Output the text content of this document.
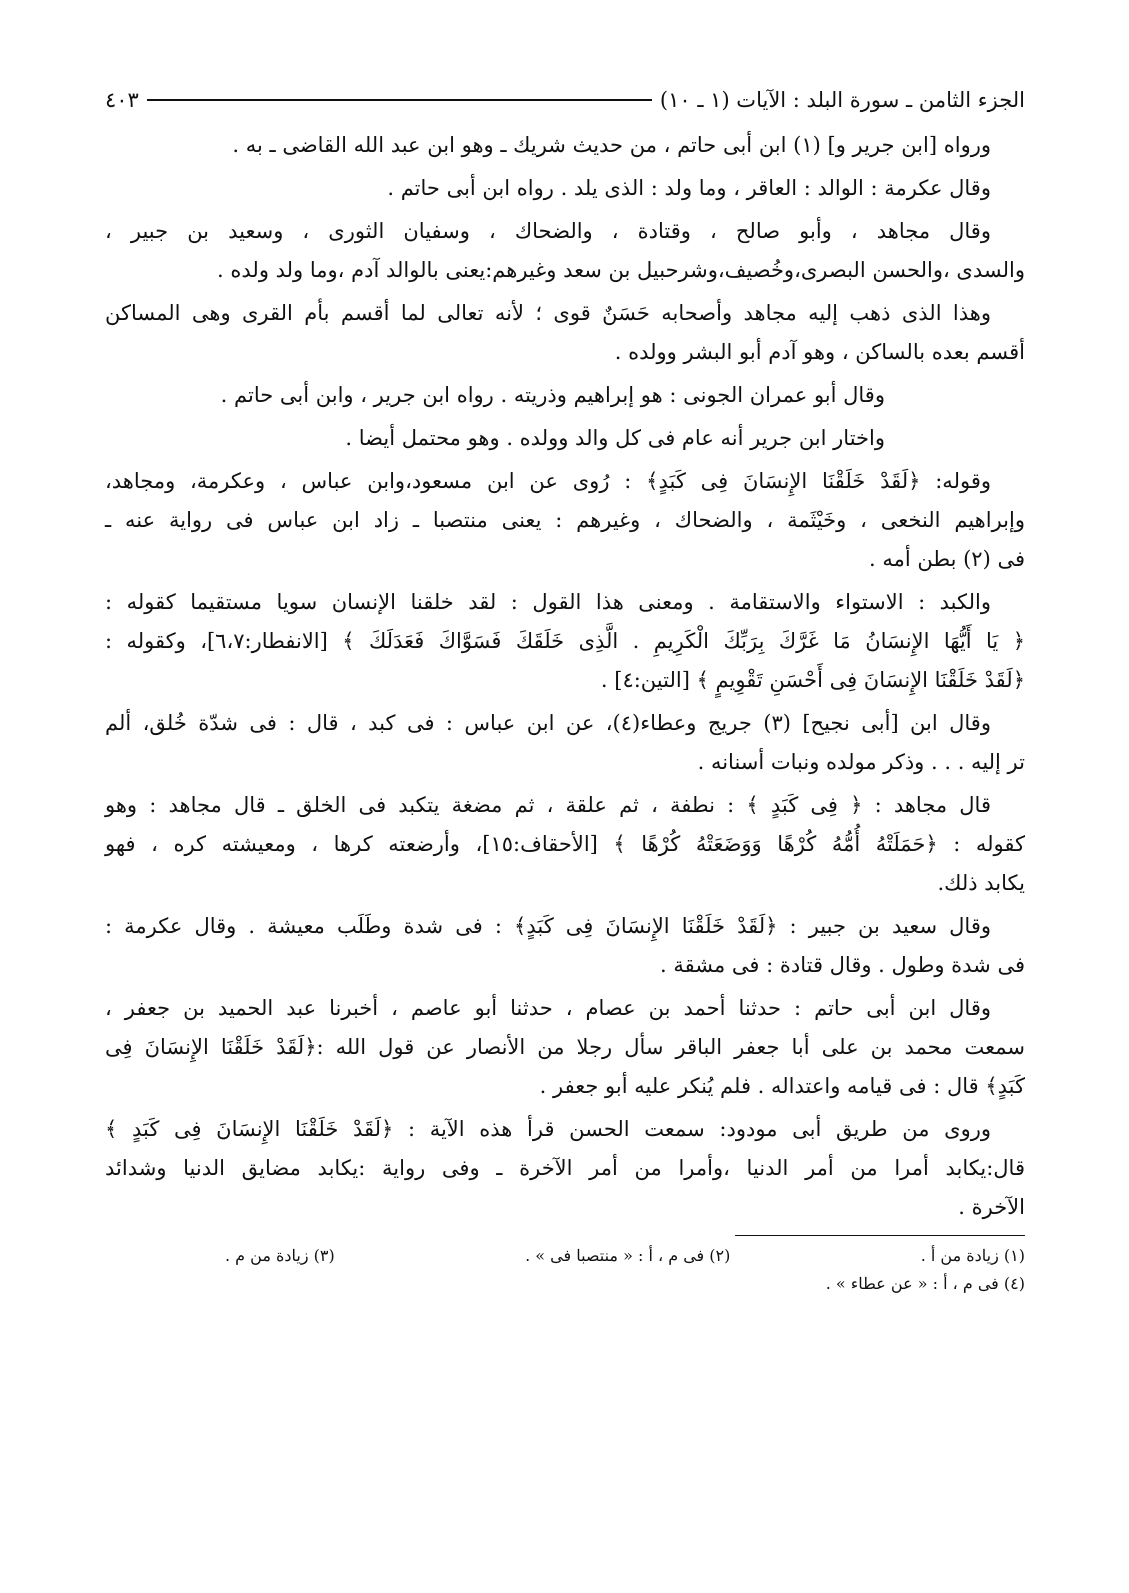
الجزء الثامن ـ سورة البلد : الآيات (١ ـ ١٠)
٤٠٣
ورواه [ابن جرير و] (١) ابن أبى حاتم ، من حديث شريك ـ وهو ابن عبد الله القاضى ـ به .
وقال عكرمة : الوالد : العاقر ، وما ولد : الذى يلد . رواه ابن أبى حاتم .
وقال مجاهد ، وأبو صالح ، وقتادة ، والضحاك ، وسفيان الثورى ، وسعيد بن جبير ،
والسدى ،والحسن البصرى،وخُصيف،وشرحبيل بن سعد وغيرهم:يعنى بالوالد آدم ،وما ولد ولده .
وهذا الذى ذهب إليه مجاهد وأصحابه حَسَنٌ قوى ؛ لأنه تعالى لما أقسم بأم القرى وهى المساكن
أقسم بعده بالساكن ، وهو آدم أبو البشر وولده .
وقال أبو عمران الجونى : هو إبراهيم وذريته . رواه ابن جرير ، وابن أبى حاتم .
واختار ابن جرير أنه عام فى كل والد وولده . وهو محتمل أيضا .
وقوله: ﴿لَقَدْ خَلَقْنَا الإِنسَانَ فِى كَبَدٍ﴾ : رُوى عن ابن مسعود،وابن عباس ، وعكرمة، ومجاهد،
وإبراهيم النخعى ، وخَيْثَمة ، والضحاك ، وغيرهم : يعنى منتصبا ـ زاد ابن عباس فى رواية عنه ـ
فى (٢) بطن أمه .
والكبد : الاستواء والاستقامة . ومعنى هذا القول : لقد خلقنا الإنسان سويا مستقيما كقوله :
﴿ يَا أَيُّهَا الإِنسَانُ مَا غَرَّكَ بِرَبِّكَ الْكَرِيمِ . الَّذِى خَلَقَكَ فَسَوَّاكَ فَعَدَلَكَ ﴾ [الانفطار:٦،٧]، وكقوله :
﴿لَقَدْ خَلَقْنَا الإِنسَانَ فِى أَحْسَنِ تَقْوِيمٍ ﴾ [التين:٤] .
وقال ابن [أبى نجيح] (٣) جريج وعطاء(٤)، عن ابن عباس : فى كبد ، قال : فى شدّة خُلق، ألم
تر إليه . . . وذكر مولده ونبات أسنانه .
قال مجاهد : ﴿ فِى كَبَدٍ ﴾ : نطفة ، ثم علقة ، ثم مضغة يتكبد فى الخلق ـ قال مجاهد : وهو
كقوله : ﴿حَمَلَتْهُ أُمُّهُ كُرْهًا وَوَضَعَتْهُ كُرْهًا ﴾ [الأحقاف:١٥]، وأرضعته كرها ، ومعيشته كره ، فهو
يكابد ذلك.
وقال سعيد بن جبير : ﴿لَقَدْ خَلَقْنَا الإِنسَانَ فِى كَبَدٍ﴾ : فى شدة وطَلَب معيشة . وقال عكرمة :
فى شدة وطول . وقال قتادة : فى مشقة .
وقال ابن أبى حاتم : حدثنا أحمد بن عصام ، حدثنا أبو عاصم ، أخبرنا عبد الحميد بن جعفر ،
سمعت محمد بن على أبا جعفر الباقر سأل رجلا من الأنصار عن قول الله :﴿لَقَدْ خَلَقْنَا الإِنسَانَ فِى
كَبَدٍ﴾ قال : فى قيامه واعتداله . فلم يُنكر عليه أبو جعفر .
وروى من طريق أبى مودود: سمعت الحسن قرأ هذه الآية : ﴿لَقَدْ خَلَقْنَا الإِنسَانَ فِى كَبَدٍ ﴾
قال:يكابد أمرا من أمر الدنيا ،وأمرا من أمر الآخرة ـ وفى رواية :يكابد مضايق الدنيا وشدائد
الآخرة .
(١) زيادة من أ .
(٢) فى م ، أ : « منتصبا فى » .
(٣) زيادة من م .
(٤) فى م ، أ : « عن عطاء » .
